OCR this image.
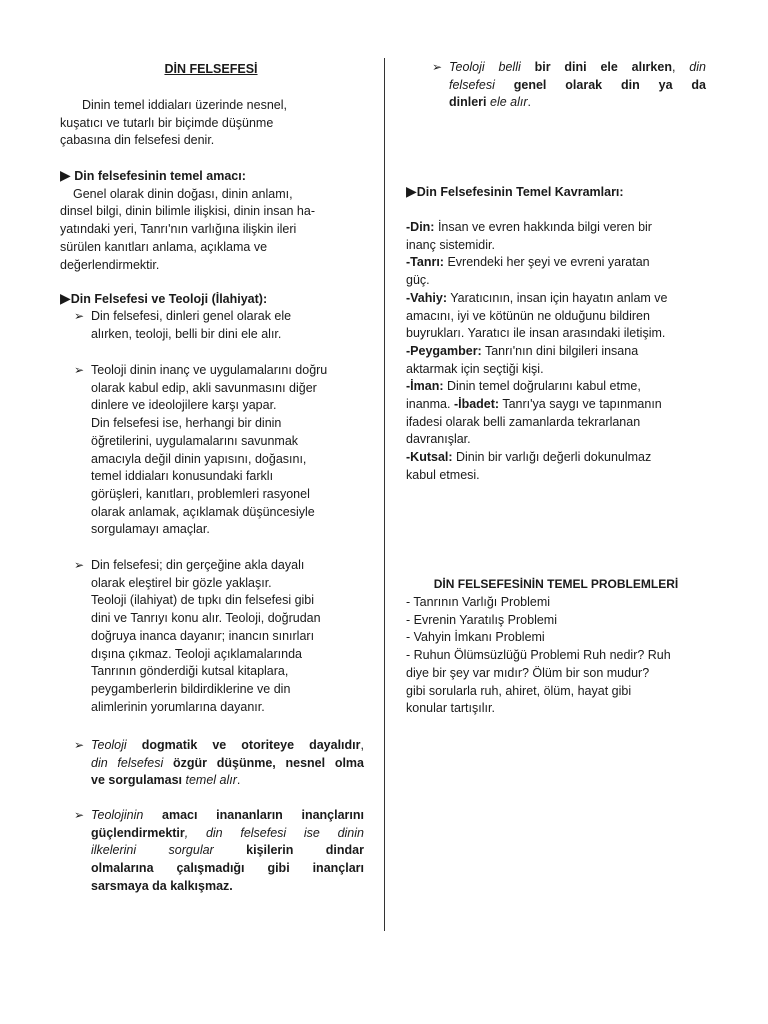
DİN FELSEFESİ

Dinin temel iddiaları üzerinde nesnel,

kuşatıcı ve tutarlı bir biçimde düşünme

çabasına din felsefesi denir.

▶ Din felsefesinin temel amacı:

Genel olarak dinin doğası, dinin anlamı,

dinsel bilgi, dinin bilimle ilişkisi, dinin insan ha-

yatındaki yeri, Tanrı'nın varlığına ilişkin ileri

sürülen kanıtları anlama, açıklama ve

değerlendirmektir.

▶Din Felsefesi ve Teoloji (İlahiyat):

➢ Din felsefesi, dinleri genel olarak ele

alırken, teoloji, belli bir dini ele alır.

➢ Teoloji dinin inanç ve uygulamalarını doğru

olarak kabul edip, akli savunmasını diğer

dinlere ve ideolojilere karşı yapar.

Din felsefesi ise, herhangi bir dinin

öğretilerini, uygulamalarını savunmak

amacıyla değil dinin yapısını, doğasını,

temel iddiaları konusundaki farklı

görüşleri, kanıtları, problemleri rasyonel

olarak anlamak, açıklamak düşüncesiyle

sorgulamayı amaçlar.

➢ Din felsefesi; din gerçeğine akla dayalı

olarak eleştirel bir gözle yaklaşır.

Teoloji (ilahiyat) de tıpkı din felsefesi gibi

dini ve Tanrıyı konu alır. Teoloji, doğrudan

doğruya inanca dayanır; inancın sınırları

dışına çıkmaz. Teoloji açıklamalarında

Tanrının gönderdiği kutsal kitaplara,

peygamberlerin bildirdiklerine ve din

alimlerinin yorumlarına dayanır.

➢ Teoloji dogmatik ve otoriteye dayalıdır,

din felsefesi özgür düşünme, nesnel olma

ve sorgulaması temel alır.

➢ Teolojinin amacı inananların inançlarını

güçlendirmektir, din felsefesi ise dinin

ilkelerini sorgular	kişilerin dindar

olmalarına çalışmadığı gibi inançları

sarsmaya da kalkışmaz.

➢ Teoloji belli bir dini ele alırken, din

felsefesi genel olarak din ya da

dinleri ele alır.

▶Din Felsefesinin Temel Kavramları:

-Din: İnsan ve evren hakkında bilgi veren bir

inanç sistemidir.

-Tanrı: Evrendeki her şeyi ve evreni yaratan

güç.

-Vahiy: Yaratıcının, insan için hayatın anlam ve

amacını, iyi ve kötünün ne olduğunu bildiren

buyrukları. Yaratıcı ile insan arasındaki iletişim.

-Peygamber: Tanrı'nın dini bilgileri insana

aktarmak için seçtiği kişi.

-İman: Dinin temel doğrularını kabul etme,

inanma. -İbadet: Tanrı'ya saygı ve tapınmanın

ifadesi olarak belli zamanlarda tekrarlanan

davranışlar.

-Kutsal: Dinin bir varlığı değerli dokunulmaz

kabul etmesi.

DİN FELSEFESİNİN TEMEL PROBLEMLERİ

- Tanrının Varlığı Problemi

- Evrenin Yaratılış Problemi

- Vahyin İmkanı Problemi

- Ruhun Ölümsüzlüğü Problemi Ruh nedir? Ruh

diye bir şey var mıdır? Ölüm bir son mudur?

gibi sorularla ruh, ahiret, ölüm, hayat gibi

konular tartışılır.
